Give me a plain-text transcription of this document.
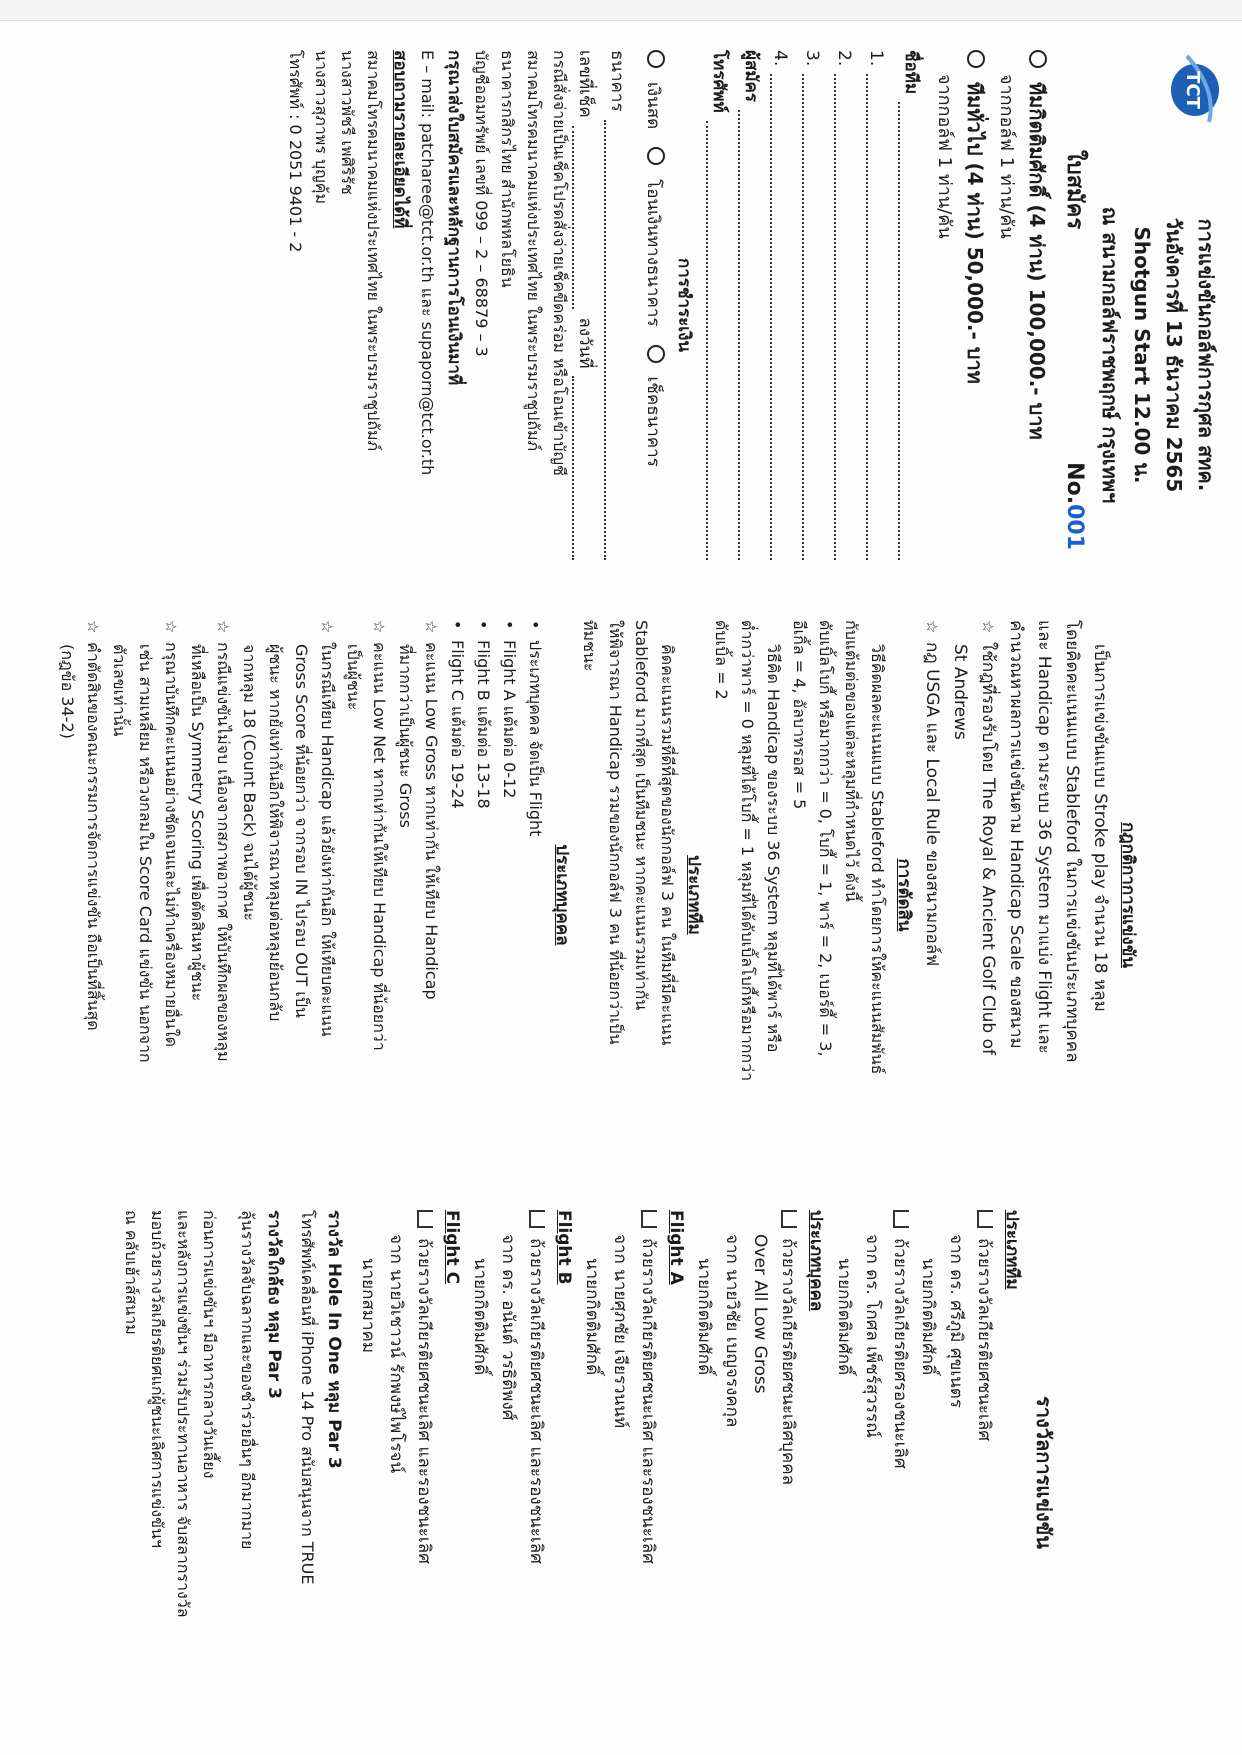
TCT
การแข่งขันกอล์ฟการกุศล สทค.
วันอังคารที่ 13 ธันวาคม 2565
Shotgun Start 12.00 น.
ณ สนามกอล์ฟราชพฤกษ์ กรุงเทพฯ
ใบสมัคร
No.001
ทีมกิตติมศักดิ์ (4 ท่าน) 100,000.- บาท
จากกอล์ฟ 1 ท่าน/คัน
ทีมทั่วไป (4 ท่าน) 50,000.- บาท
จากกอล์ฟ 1 ท่าน/คัน
ชื่อทีม
1.
2.
3.
4.
ผู้สมัคร
โทรศัพท์
การชำระเงิน
เงินสด
โอนเงินทางธนาคาร
เช็คธนาคาร
ธนาคาร
เลขที่เช็ค
ลงวันที่
กรณีสั่งจ่ายเป็นเช็คโปรดสั่งจ่ายเช็คขีดคร่อม หรือโอนเข้าบัญชี
สมาคมโทรคมนาคมแห่งประเทศไทย ในพระบรมราชูปถัมภ์
ธนาคารกสิกรไทย สำนักพหลโยธิน
บัญชีออมทรัพย์ เลขที่ 099 – 2 – 68879 – 3
กรุณาส่งใบสมัครและหลักฐานการโอนเงินมาที่
E – mail: patcharee@tct.or.th และ supaporn@tct.or.th
สอบถามรายละเอียดได้ที่
สมาคมโทรคมนาคมแห่งประเทศไทย ในพระบรมราชูปถัมภ์
นางสาวพัชรี เพศิริรัช
นางสาวสุภาพร บุญคุ้ม
โทรศัพท์ : 0 2051 9401 - 2
กฎกติกาการแข่งขัน
เป็นการแข่งขันแบบ Stroke play จำนวน 18 หลุม
โดยคิดคะแนนแบบ Stableford ในการแข่งขันประเภทบุคคล
และ Handicap ตามระบบ 36 System มาแบ่ง Flight และ
คำนวณหาผลการแข่งขันตาม Handicap Scale ของสนาม
☆ใช้กฎที่รองรับโดย The Royal & Ancient Golf Club of
St Andrews
☆กฎ USGA และ Local Rule ของสนามกอล์ฟ
การตัดสิน
วิธีคิดผลคะแนนแบบ Stableford ทำโดยการให้คะแนนสัมพันธ์
กับแต้มต่อของแต่ละหลุมที่กำหนดไว้ ดังนี้
ดับเบิ้ลโบกี้ หรือมากกว่า = 0, โบกี้ = 1, พาร์ = 2, เบอร์ดี้ = 3,
อีเกิ้ล = 4, อัลบาทรอส = 5
วิธีคิด Handicap ของระบบ 36 System หลุมที่ได้พาร์ หรือ
ต่ำกว่าพาร์ = 0 หลุมที่ได้โบกี้ = 1 หลุมที่ได้ดับเบิ้ลโบกี้หรือมากกว่า
ดับเบิ้ล = 2
ประเภททีม
คิดคะแนนรวมที่ดีที่สุดของนักกอล์ฟ 3 คน ในทีมที่มีคะแนน
Stableford มากที่สุด เป็นทีมชนะ หากคะแนนรวมเท่ากัน
ให้พิจารณา Handicap รวมของนักกอล์ฟ 3 คน ที่น้อยกว่าเป็น
ทีมชนะ
ประเภทบุคคล
•ประเภทบุคคล จัดเป็น Flight
•Flight A แต้มต่อ 0-12
•Flight B แต้มต่อ 13-18
•Flight C แต้มต่อ 19-24
☆คะแนน Low Gross หากเท่ากัน ให้เทียบ Handicap
ที่มากกว่าเป็นผู้ชนะ Gross
☆คะแนน Low Net หากเท่ากันให้เทียบ Handicap ที่น้อยกว่า
เป็นผู้ชนะ
☆ในกรณีเทียบ Handicap แล้วยังเท่ากันอีก ให้เทียบคะแนน
Gross Score ที่น้อยกว่า จากรอบ IN ไปรอบ OUT เป็น
ผู้ชนะ หากยังเท่ากันอีกให้พิจารณาหลุมต่อหลุมย้อนกลับ
จากหลุม 18 (Count Back) จนได้ผู้ชนะ
☆กรณีแข่งขันไม่จบ เนื่องจากสภาพอากาศ ให้บันทึกผลของหลุม
ที่เหลือเป็น Symmetry Scoring เพื่อตัดสินหาผู้ชนะ
☆กรุณาบันทึกคะแนนอย่างชัดเจนและไม่ทำเครื่องหมายอื่นใด
เช่น สามเหลี่ยม หรือวงกลมใน Score Card แข่งขัน นอกจาก
ตัวเลขเท่านั้น
☆คำตัดสินของคณะกรรมการจัดการแข่งขัน ถือเป็นที่สิ้นสุด
(กฎข้อ 34-2)
รางวัลการแข่งขัน
ประเภททีม
ถ้วยรางวัลเกียรติยศชนะเลิศ
จาก ดร. ศรีภูมิ ศุขเนตร
นายกกิตติมศักดิ์
ถ้วยรางวัลเกียรติยศรองชนะเลิศ
จาก ดร. โกศล เพ็ชร์สุวรรณ์
นายกกิตติมศักดิ์
ประเภทบุคคล
ถ้วยรางวัลเกียรติยศชนะเลิศบุคคล
Over All Low Gross
จาก นายวิชัย เบญจรงคกุล
นายกกิตติมศักดิ์
Flight A
ถ้วยรางวัลเกียรติยศชนะเลิศ และรองชนะเลิศ
จาก นายศุภชัย เจียรวนนท์
นายกกิตติมศักดิ์
Flight B
ถ้วยรางวัลเกียรติยศชนะเลิศ และรองชนะเลิศ
จาก ดร. อนันต์ วรธิติพงศ์
นายกกิตติมศักดิ์
Flight C
ถ้วยรางวัลเกียรติยศชนะเลิศ และรองชนะเลิศ
จาก นายวิเชาวน์ รักพงษ์ไพโรจน์
นายกสมาคม
รางวัล Hole In One หลุม Par 3
โทรศัพท์เคลื่อนที่ iPhone 14 Pro สนับสนุนจาก TRUE
รางวัลใกล้ธง หลุม Par 3
ลุ้นรางวัลจับฉลากและของชำร่วยอื่นๆ อีกมากมาย
ก่อนการแข่งขันฯ มีอาหารกลางวันเลี้ยง
และหลังการแข่งขันฯ ร่วมรับประทานอาหาร จับสลากรางวัล
มอบถ้วยรางวัลเกียรติยศแก่ผู้ชนะเลิศการแข่งขันฯ
ณ คลับเฮ้าส์สนาม
